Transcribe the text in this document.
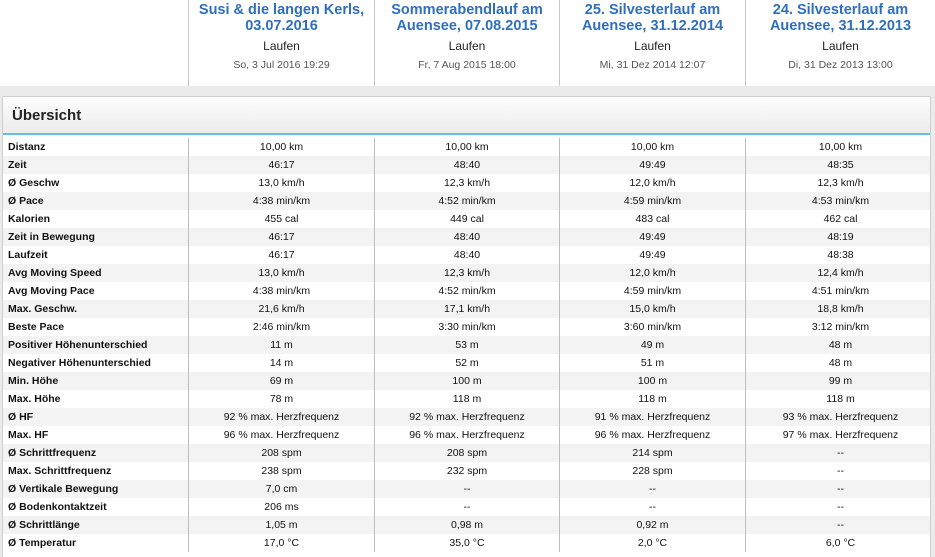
Susi & die langen Kerls, 03.07.2016
Laufen
So, 3 Jul 2016 19:29
Sommerabendlauf am Auensee, 07.08.2015
Laufen
Fr, 7 Aug 2015 18:00
25. Silvesterlauf am Auensee, 31.12.2014
Laufen
Mi, 31 Dez 2014 12:07
24. Silvesterlauf am Auensee, 31.12.2013
Laufen
Di, 31 Dez 2013 13:00
Übersicht
Distanz	10,00 km	10,00 km	10,00 km	10,00 km
Zeit	46:17	48:40	49:49	48:35
Ø Geschw	13,0 km/h	12,3 km/h	12,0 km/h	12,3 km/h
Ø Pace	4:38 min/km	4:52 min/km	4:59 min/km	4:53 min/km
Kalorien	455 cal	449 cal	483 cal	462 cal
Zeit in Bewegung	46:17	48:40	49:49	48:19
Laufzeit	46:17	48:40	49:49	48:38
Avg Moving Speed	13,0 km/h	12,3 km/h	12,0 km/h	12,4 km/h
Avg Moving Pace	4:38 min/km	4:52 min/km	4:59 min/km	4:51 min/km
Max. Geschw.	21,6 km/h	17,1 km/h	15,0 km/h	18,8 km/h
Beste Pace	2:46 min/km	3:30 min/km	3:60 min/km	3:12 min/km
Positiver Höhenunterschied	11 m	53 m	49 m	48 m
Negativer Höhenunterschied	14 m	52 m	51 m	48 m
Min. Höhe	69 m	100 m	100 m	99 m
Max. Höhe	78 m	118 m	118 m	118 m
Ø HF	92 % max. Herzfrequenz	92 % max. Herzfrequenz	91 % max. Herzfrequenz	93 % max. Herzfrequenz
Max. HF	96 % max. Herzfrequenz	96 % max. Herzfrequenz	96 % max. Herzfrequenz	97 % max. Herzfrequenz
Ø Schrittfrequenz	208 spm	208 spm	214 spm	--
Max. Schrittfrequenz	238 spm	232 spm	228 spm	--
Ø Vertikale Bewegung	7,0 cm	--	--	--
Ø Bodenkontaktzeit	206 ms	--	--	--
Ø Schrittlänge	1,05 m	0,98 m	0,92 m	--
Ø Temperatur	17,0 °C	35,0 °C	2,0 °C	6,0 °C
